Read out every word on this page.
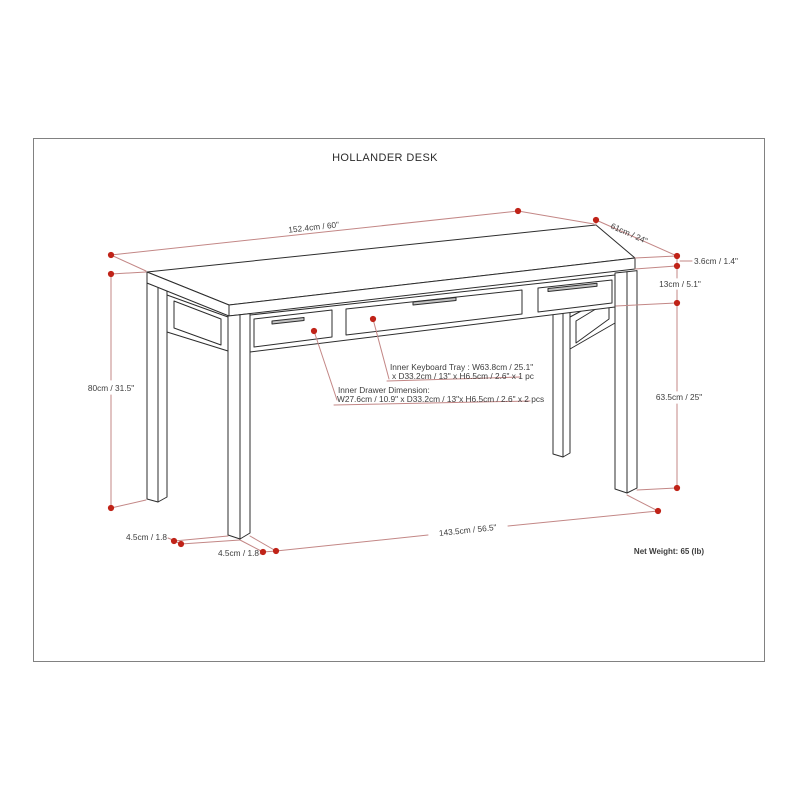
152.4cm / 60"	61cm / 24"
3.6cm / 1.4"
13cm / 5.1"
63.5cm / 25"
80cm / 31.5"
143.5cm / 56.5"
4.5cm / 1.8
4.5cm / 1.8
Inner Keyboard Tray : W63.8cm / 25.1"
x D33.2cm / 13" x H6.5cm / 2.6" x 1 pc
Inner Drawer Dimension:
W27.6cm / 10.9" x D33.2cm / 13"x H6.5cm / 2.6" x 2 pcs
Net Weight: 65 (lb)
HOLLANDER DESK
